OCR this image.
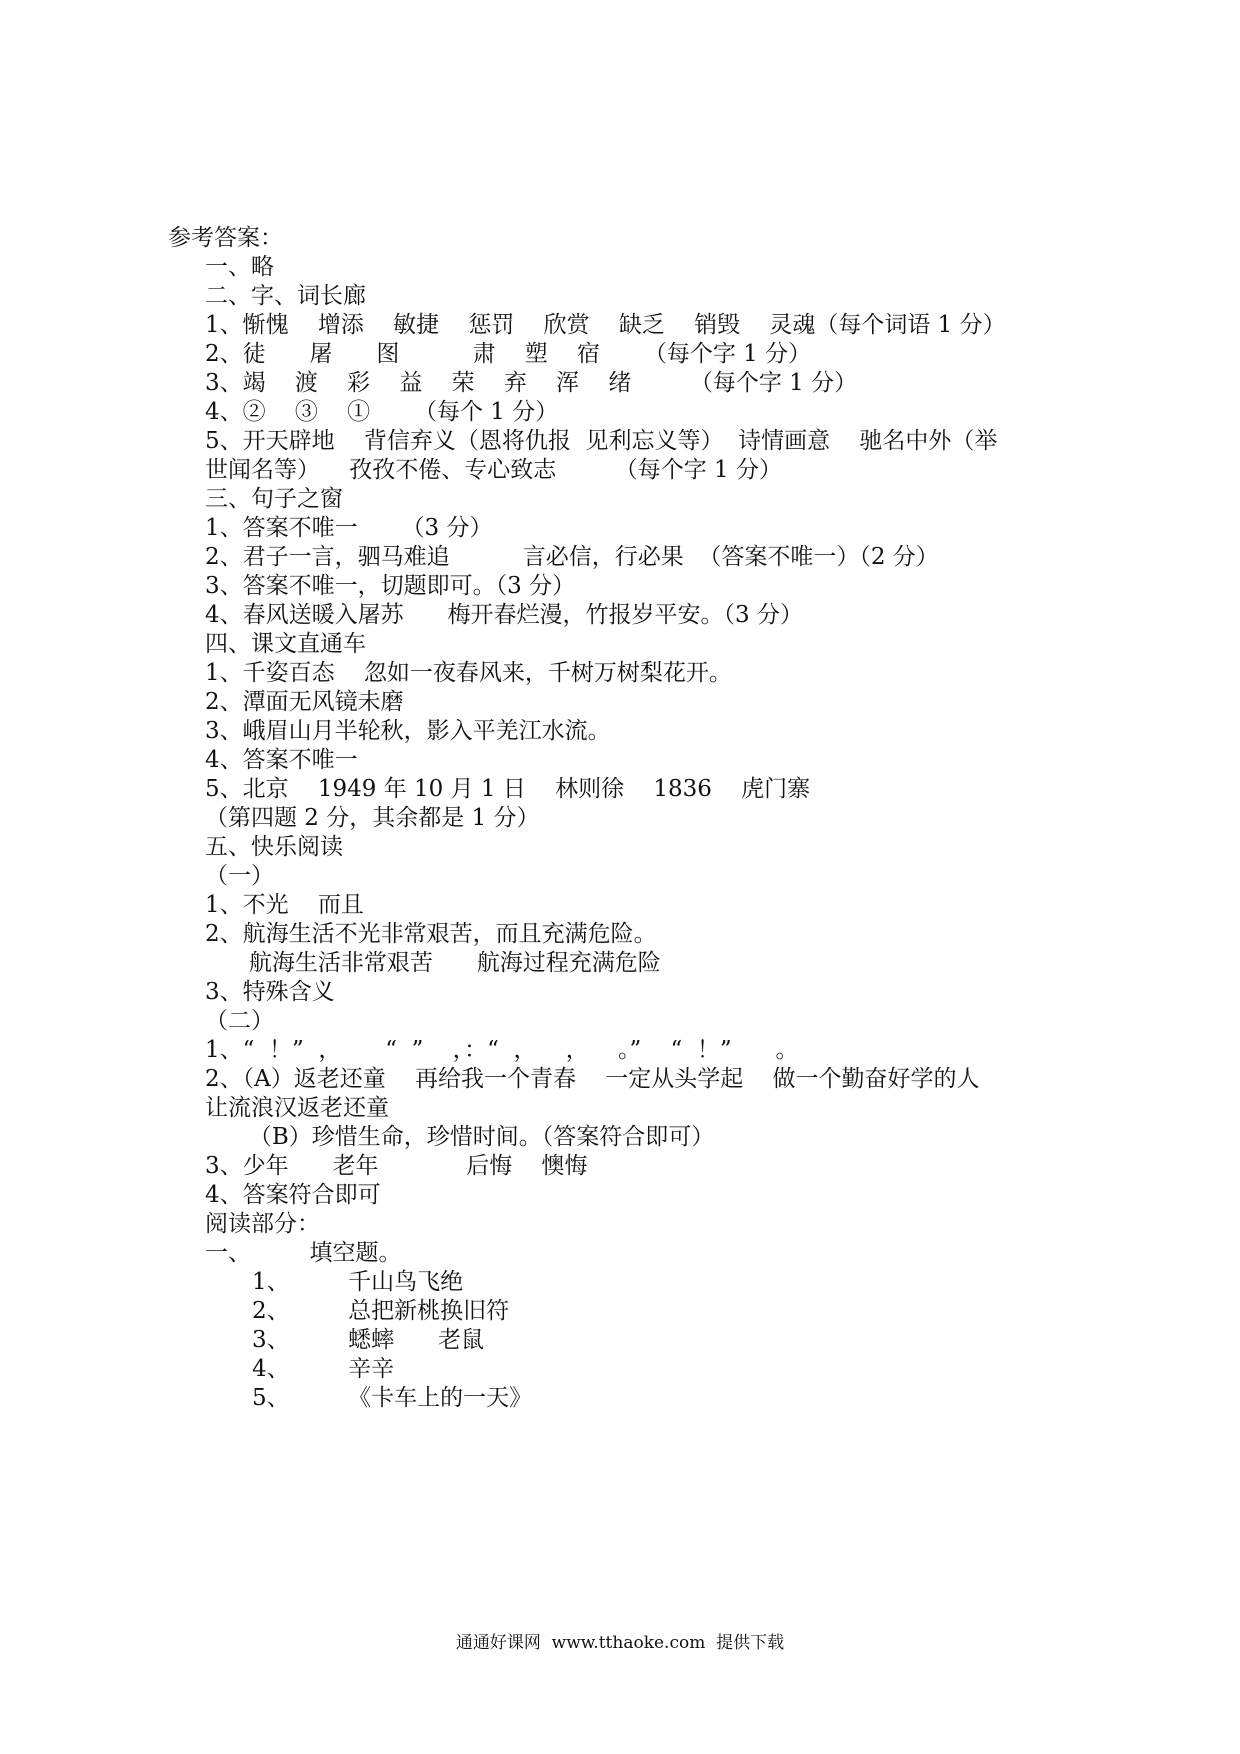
参考答案：
一、略
二、字、词长廊
1、惭愧    增添    敏捷    惩罚    欣赏    缺乏    销毁    灵魂（每个词语 1 分）
2、徒      屠      图          肃    塑    宿      （每个字 1 分）
3、竭    渡    彩    益    荣    弃    浑    绪        （每个字 1 分）
4、②    ③    ①      （每个 1 分）
5、开天辟地    背信弃义（恩将仇报  见利忘义等）  诗情画意    驰名中外（举
世闻名等）    孜孜不倦、专心致志        （每个字 1 分）
三、句子之窗
1、答案不唯一      （3 分）
2、君子一言，驷马难追          言必信，行必果  （答案不唯一）（2 分）
3、答案不唯一，切题即可。（3 分）
4、春风送暖入屠苏      梅开春烂漫，竹报岁平安。（3 分）
四、课文直通车
1、千姿百态    忽如一夜春风来，千树万树梨花开。
2、潭面无风镜未磨
3、峨眉山月半轮秋，影入平羌江水流。
4、答案不唯一
5、北京    1949 年 10 月 1 日    林则徐    1836    虎门寨
（第四题 2 分，其余都是 1 分）
五、快乐阅读
（一）
1、不光    而且
2、航海生活不光非常艰苦，而且充满危险。
航海生活非常艰苦      航海过程充满危险
3、特殊含义
（二）
1、“  ！”  ，      “  ”    ，：“  ，    ，    。”    “  ！”      。
2、（A）返老还童    再给我一个青春    一定从头学起    做一个勤奋好学的人
让流浪汉返老还童
（B）珍惜生命，珍惜时间。（答案符合即可）
3、少年      老年            后悔    懊悔
4、答案符合即可
阅读部分：
一、        填空题。
1、        千山鸟飞绝
2、        总把新桃换旧符
3、        蟋蟀      老鼠
4、        辛辛
5、        《卡车上的一天》
通通好课网  www.tthaoke.com  提供下载
